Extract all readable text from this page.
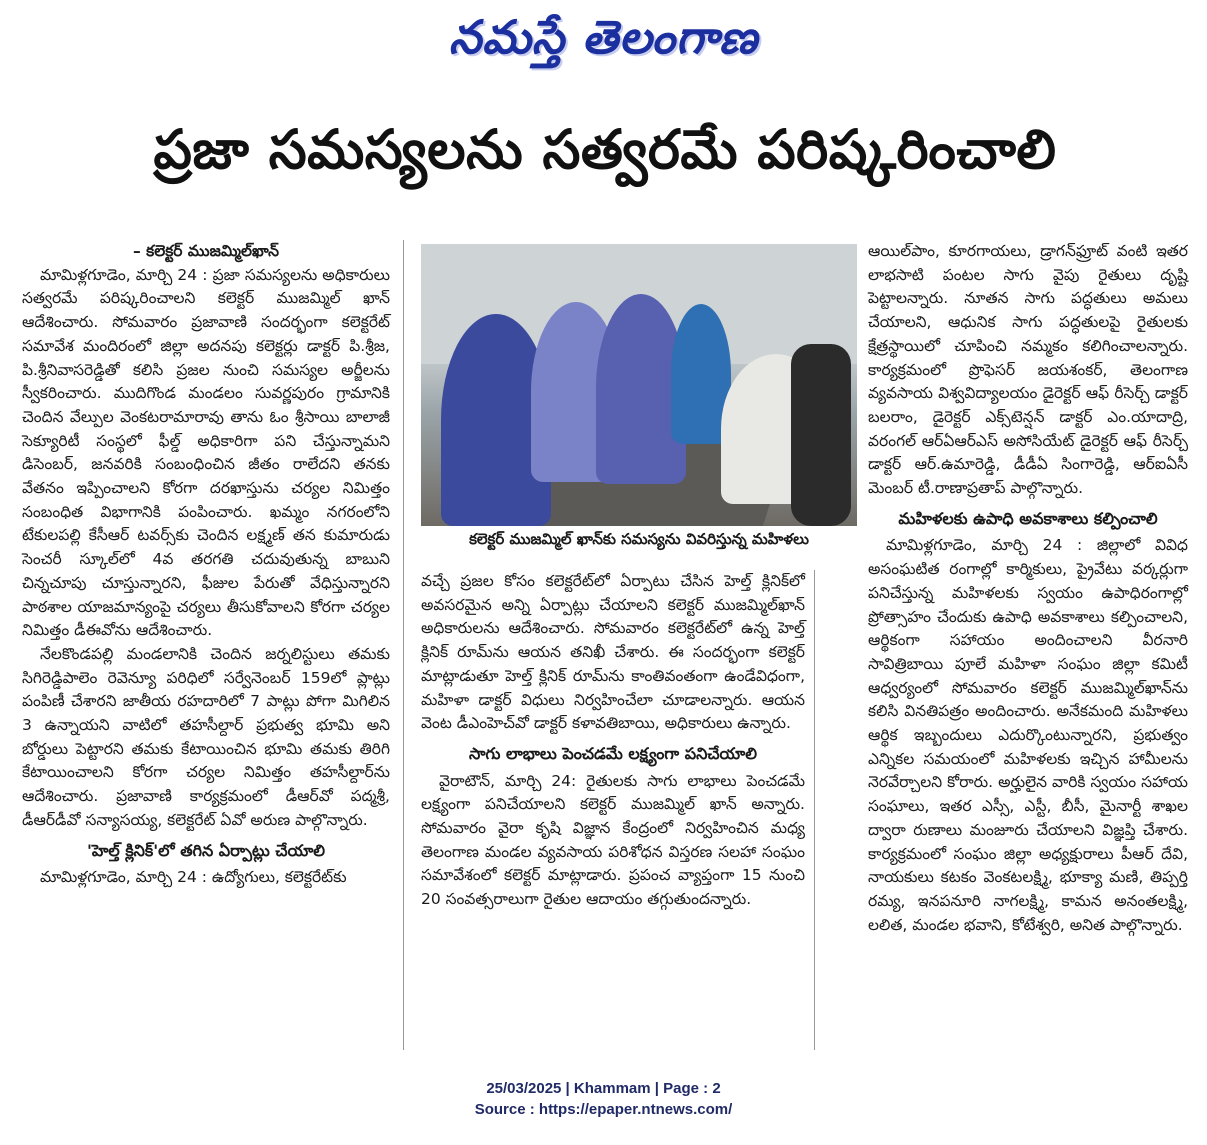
నమస్తే తెలంగాణ
ప్రజా సమస్యలను సత్వరమే పరిష్కరించాలి

– కలెక్టర్ ముజమ్మిల్‌ఖాన్

మామిళ్లగూడెం, మార్చి 24 : ప్రజా సమస్యలను అధికారులు సత్వరమే పరిష్కరించాలని కలెక్టర్ ముజమ్మిల్ ఖాన్ ఆదేశించారు. సోమవారం ప్రజావాణి సందర్భంగా కలెక్టరేట్ సమావేశ మందిరంలో జిల్లా అదనపు కలెక్టర్లు డాక్టర్ పి.శ్రీజ, పి.శ్రీనివాసరెడ్డితో కలిసి ప్రజల నుంచి సమస్యల అర్జీలను స్వీకరించారు. ముదిగొండ మండలం సువర్ణపురం గ్రామానికి చెందిన వేల్పుల వెంకటరామారావు తాను ఓం శ్రీసాయి బాలాజీ సెక్యూరిటీ సంస్థలో ఫీల్డ్ అధికారిగా పని చేస్తున్నామని డిసెంబర్, జనవరికి సంబంధించిన జీతం రాలేదని తనకు వేతనం ఇప్పించాలని కోరగా దరఖాస్తును చర్యల నిమిత్తం సంబంధిత విభాగానికి పంపించారు. ఖమ్మం నగరంలోని టేకులపల్లి కేసీఆర్ టవర్స్‌కు చెందిన లక్ష్మణ్ తన కుమారుడు సెంచరీ స్కూల్‌లో 4వ తరగతి చదువుతున్న బాబుని చిన్నచూపు చూస్తున్నారని, ఫీజుల పేరుతో వేధిస్తున్నారని పాఠశాల యాజమాన్యంపై చర్యలు తీసుకోవాలని కోరగా చర్యల నిమిత్తం డీఈవోను ఆదేశించారు.

నేలకొండపల్లి మండలానికి చెందిన జర్నలిస్టులు తమకు సిగిరెడ్డిపాలెం రెవెన్యూ పరిధిలో సర్వేనెంబర్ 159లో ప్లాట్లు పంపిణీ చేశారని జాతీయ రహదారిలో 7 పాట్లు పోగా మిగిలిన 3 ఉన్నాయని వాటిలో తహసీల్దార్ ప్రభుత్వ భూమి అని బోర్డులు పెట్టారని తమకు కేటాయించిన భూమి తమకు తిరిగి కేటాయించాలని కోరగా చర్యల నిమిత్తం తహసీల్దార్‌ను ఆదేశించారు. ప్రజావాణి కార్యక్రమంలో డీఆర్‌వో పద్మశ్రీ, డీఆర్‌డీవో సన్యాసయ్య, కలెక్టరేట్ ఏవో అరుణ పాల్గొన్నారు.

'హెల్త్ క్లినిక్'లో తగిన ఏర్పాట్లు చేయాలి

మామిళ్లగూడెం, మార్చి 24 : ఉద్యోగులు, కలెక్టరేట్‌కు

కలెక్టర్ ముజమ్మిల్ ఖాన్‌కు సమస్యను వివరిస్తున్న మహిళలు

వచ్చే ప్రజల కోసం కలెక్టరేట్‌లో ఏర్పాటు చేసిన హెల్త్ క్లినిక్‌లో అవసరమైన అన్ని ఏర్పాట్లు చేయాలని కలెక్టర్ ముజమ్మిల్‌ఖాన్ అధికారులను ఆదేశించారు. సోమవారం కలెక్టరేట్‌లో ఉన్న హెల్త్ క్లినిక్ రూమ్‌ను ఆయన తనిఖీ చేశారు. ఈ సందర్భంగా కలెక్టర్ మాట్లాడుతూ హెల్త్ క్లినిక్ రూమ్‌ను కాంతివంతంగా ఉండేవిధంగా, మహిళా డాక్టర్ విధులు నిర్వహించేలా చూడాలన్నారు. ఆయన వెంట డీఎంహెచ్‌వో డాక్టర్ కళావతిబాయి, అధికారులు ఉన్నారు.

సాగు లాభాలు పెంచడమే లక్ష్యంగా పనిచేయాలి

వైరాటౌన్, మార్చి 24: రైతులకు సాగు లాభాలు పెంచడమే లక్ష్యంగా పనిచేయాలని కలెక్టర్ ముజమ్మిల్ ఖాన్ అన్నారు. సోమవారం వైరా కృషి విజ్ఞాన కేంద్రంలో నిర్వహించిన మధ్య తెలంగాణ మండల వ్యవసాయ పరిశోధన విస్తరణ సలహా సంఘం సమావేశంలో కలెక్టర్ మాట్లాడారు. ప్రపంచ వ్యాప్తంగా 15 నుంచి 20 సంవత్సరాలుగా రైతుల ఆదాయం తగ్గుతుందన్నారు.

ఆయిల్‌పాం, కూరగాయలు, డ్రాగన్‌ఫ్రూట్ వంటి ఇతర లాభసాటి పంటల సాగు వైపు రైతులు దృష్టి పెట్టాలన్నారు. నూతన సాగు పద్ధతులు అమలు చేయాలని, ఆధునిక సాగు పద్ధతులపై రైతులకు క్షేత్రస్థాయిలో చూపించి నమ్మకం కలిగించాలన్నారు. కార్యక్రమంలో ప్రొఫెసర్ జయశంకర్, తెలంగాణ వ్యవసాయ విశ్వవిద్యాలయం డైరెక్టర్ ఆఫ్ రీసెర్చ్ డాక్టర్ బలరాం, డైరెక్టర్ ఎక్స్‌టెన్షన్ డాక్టర్ ఎం.యాదాద్రి, వరంగల్ ఆర్ఏఆర్ఎస్ అసోసియేట్ డైరెక్టర్ ఆఫ్ రీసెర్చ్ డాక్టర్ ఆర్.ఉమారెడ్డి, డీడీఏ సింగారెడ్డి, ఆర్ఐఏసీ మెంబర్ టీ.రాణాప్రతాప్ పాల్గొన్నారు.

మహిళలకు ఉపాధి అవకాశాలు కల్పించాలి

మామిళ్లగూడెం, మార్చి 24 : జిల్లాలో వివిధ అసంఘటిత రంగాల్లో కార్మికులు, ప్రైవేటు వర్కర్లుగా పనిచేస్తున్న మహిళలకు స్వయం ఉపాధిరంగాల్లో ప్రోత్సాహం చేందుకు ఉపాధి అవకాశాలు కల్పించాలని, ఆర్థికంగా సహాయం అందించాలని వీరనారి సావిత్రిబాయి పూలే మహిళా సంఘం జిల్లా కమిటీ ఆధ్వర్యంలో సోమవారం కలెక్టర్ ముజమ్మిల్‌ఖాన్‌ను కలిసి వినతిపత్రం అందించారు. అనేకమంది మహిళలు ఆర్థిక ఇబ్బందులు ఎదుర్కొంటున్నారని, ప్రభుత్వం ఎన్నికల సమయంలో మహిళలకు ఇచ్చిన హామీలను నెరవేర్చాలని కోరారు. అర్హులైన వారికి స్వయం సహాయ సంఘాలు, ఇతర ఎస్సీ, ఎస్టీ, బీసీ, మైనార్టీ శాఖల ద్వారా రుణాలు మంజూరు చేయాలని విజ్ఞప్తి చేశారు. కార్యక్రమంలో సంఘం జిల్లా అధ్యక్షురాలు పీఆర్ దేవి, నాయకులు కటకం వెంకటలక్ష్మి, భూక్యా మణి, తిప్పర్తి రమ్య, ఇనపనూరి నాగలక్ష్మి, కామన అనంతలక్ష్మి, లలిత, మండల భవాని, కోటేశ్వరి, అనిత పాల్గొన్నారు.

25/03/2025 | Khammam | Page : 2
Source : https://epaper.ntnews.com/
